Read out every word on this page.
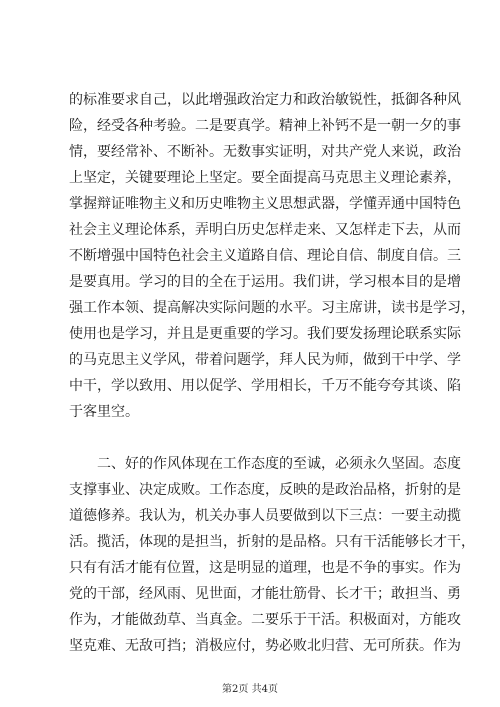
的标准要求自己，以此增强政治定力和政治敏锐性，抵御各种风
险，经受各种考验。二是要真学。精神上补钙不是一朝一夕的事
情，要经常补、不断补。无数事实证明，对共产党人来说，政治
上坚定，关键要理论上坚定。要全面提高马克思主义理论素养，
掌握辩证唯物主义和历史唯物主义思想武器，学懂弄通中国特色
社会主义理论体系，弄明白历史怎样走来、又怎样走下去，从而
不断增强中国特色社会主义道路自信、理论自信、制度自信。三
是要真用。学习的目的全在于运用。我们讲，学习根本目的是增
强工作本领、提高解决实际问题的水平。习主席讲，读书是学习，
使用也是学习，并且是更重要的学习。我们要发扬理论联系实际
的马克思主义学风，带着问题学，拜人民为师，做到干中学、学
中干，学以致用、用以促学、学用相长，千万不能夸夸其谈、陷
于客里空。
　　二、好的作风体现在工作态度的至诚，必须永久坚固。态度
支撑事业、决定成败。工作态度，反映的是政治品格，折射的是
道德修养。我认为，机关办事人员要做到以下三点：一要主动揽
活。揽活，体现的是担当，折射的是品格。只有干活能够长才干，
只有有活才能有位置，这是明显的道理，也是不争的事实。作为
党的干部，经风雨、见世面，才能壮筋骨、长才干；敢担当、勇
作为，才能做劲草、当真金。二要乐于干活。积极面对，方能攻
坚克难、无敌可挡；消极应付，势必败北归营、无可所获。作为
第2页 共4页
